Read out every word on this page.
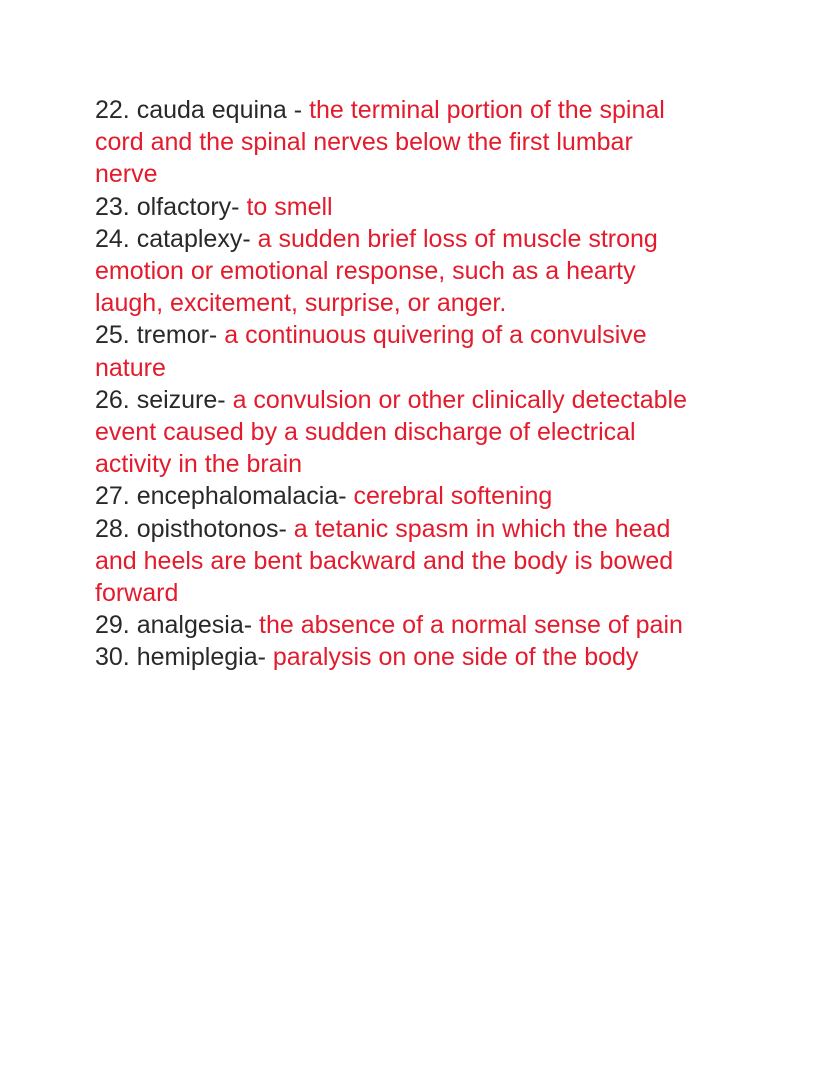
22. cauda equina - the terminal portion of the spinal cord and the spinal nerves below the first lumbar nerve

23. olfactory- to smell

24. cataplexy- a sudden brief loss of muscle strong emotion or emotional response, such as a hearty laugh, excitement, surprise, or anger.

25. tremor- a continuous quivering of a convulsive nature

26. seizure- a convulsion or other clinically detectable event caused by a sudden discharge of electrical activity in the brain

27. encephalomalacia- cerebral softening

28. opisthotonos- a tetanic spasm in which the head and heels are bent backward and the body is bowed forward

29. analgesia- the absence of a normal sense of pain

30. hemiplegia- paralysis on one side of the body
